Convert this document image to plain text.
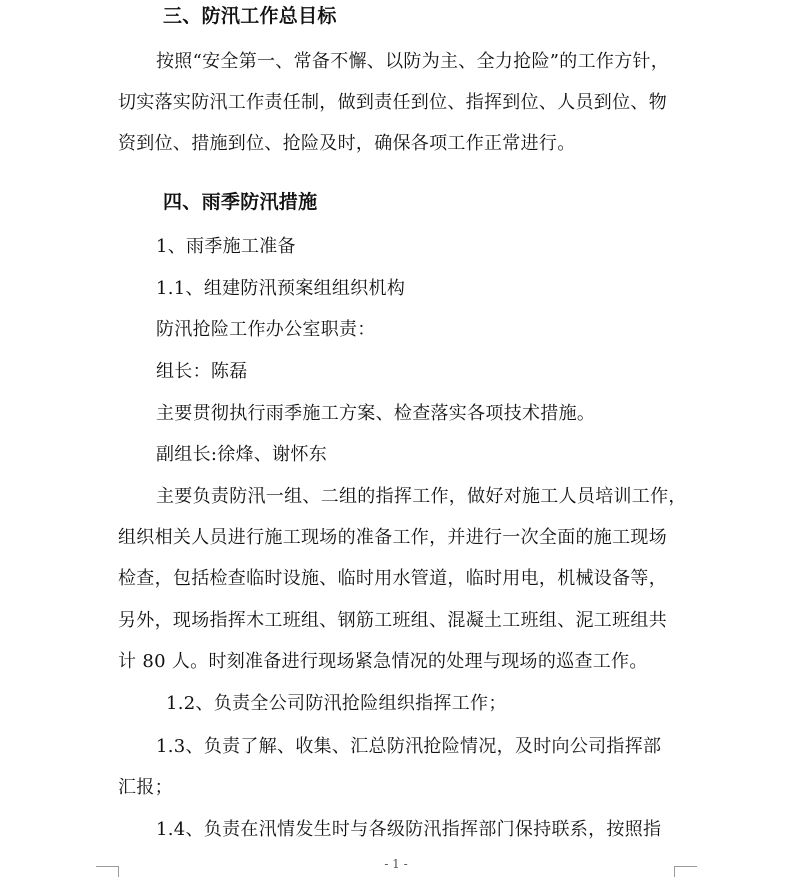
三、防汛工作总目标
按照“安全第一、常备不懈、以防为主、全力抢险”的工作方针，
切实落实防汛工作责任制，做到责任到位、指挥到位、人员到位、物
资到位、措施到位、抢险及时，确保各项工作正常进行。
四、雨季防汛措施
1、雨季施工准备
1.1、组建防汛预案组组织机构
防汛抢险工作办公室职责：
组长：陈磊
主要贯彻执行雨季施工方案、检查落实各项技术措施。
副组长:徐烽、谢怀东
主要负责防汛一组、二组的指挥工作，做好对施工人员培训工作，
组织相关人员进行施工现场的准备工作，并进行一次全面的施工现场
检查，包括检查临时设施、临时用水管道，临时用电，机械设备等，
另外，现场指挥木工班组、钢筋工班组、混凝土工班组、泥工班组共
计 80 人。时刻准备进行现场紧急情况的处理与现场的巡查工作。
1.2、负责全公司防汛抢险组织指挥工作；
1.3、负责了解、收集、汇总防汛抢险情况，及时向公司指挥部
汇报；
1.4、负责在汛情发生时与各级防汛指挥部门保持联系，按照指
- 1 -
